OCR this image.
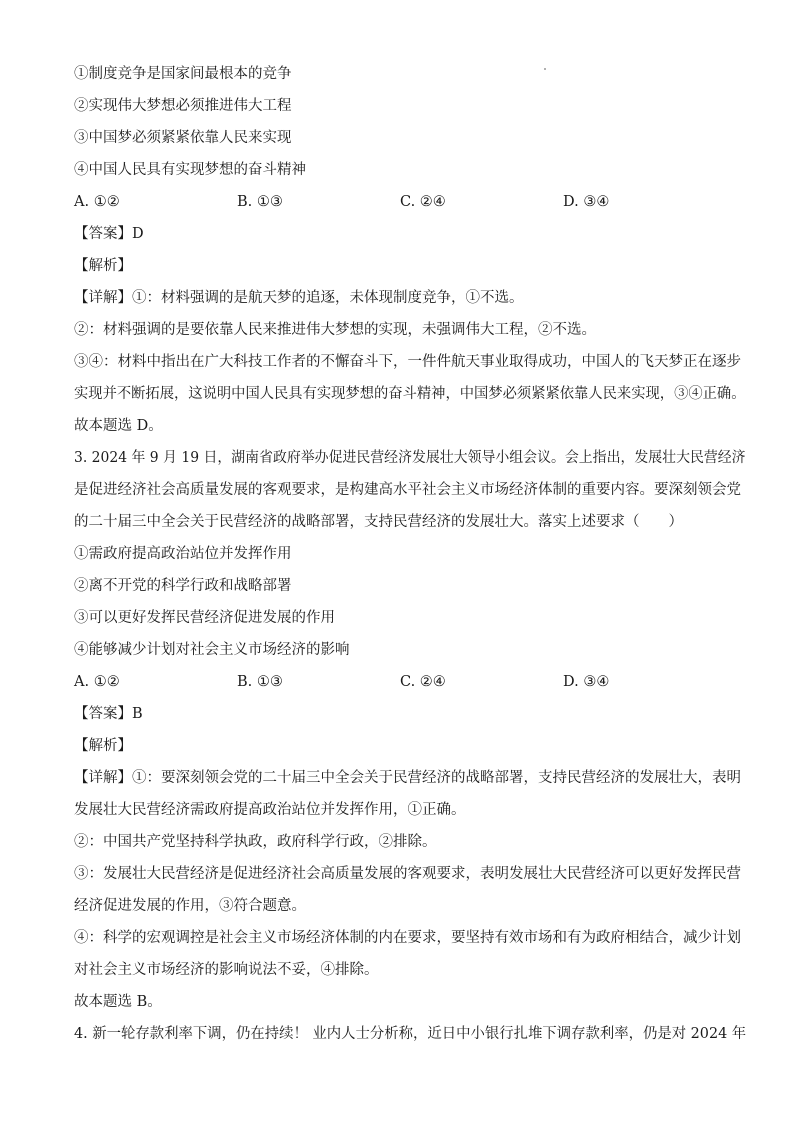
①制度竞争是国家间最根本的竞争
②实现伟大梦想必须推进伟大工程
③中国梦必须紧紧依靠人民来实现
④中国人民具有实现梦想的奋斗精神
A. ①②	B. ①③	C. ②④	D. ③④
【答案】D
【解析】
【详解】①：材料强调的是航天梦的追逐，未体现制度竞争，①不选。
②：材料强调的是要依靠人民来推进伟大梦想的实现，未强调伟大工程，②不选。
③④：材料中指出在广大科技工作者的不懈奋斗下，一件件航天事业取得成功，中国人的飞天梦正在逐步
实现并不断拓展，这说明中国人民具有实现梦想的奋斗精神，中国梦必须紧紧依靠人民来实现，③④正确。
故本题选 D。
3. 2024 年 9 月 19 日，湖南省政府举办促进民营经济发展壮大领导小组会议。会上指出，发展壮大民营经济
是促进经济社会高质量发展的客观要求，是构建高水平社会主义市场经济体制的重要内容。要深刻领会党
的二十届三中全会关于民营经济的战略部署，支持民营经济的发展壮大。落实上述要求（　　）
①需政府提高政治站位并发挥作用
②离不开党的科学行政和战略部署
③可以更好发挥民营经济促进发展的作用
④能够减少计划对社会主义市场经济的影响
A. ①②	B. ①③	C. ②④	D. ③④
【答案】B
【解析】
【详解】①：要深刻领会党的二十届三中全会关于民营经济的战略部署，支持民营经济的发展壮大，表明
发展壮大民营经济需政府提高政治站位并发挥作用，①正确。
②：中国共产党坚持科学执政，政府科学行政，②排除。
③：发展壮大民营经济是促进经济社会高质量发展的客观要求，表明发展壮大民营经济可以更好发挥民营
经济促进发展的作用，③符合题意。
④：科学的宏观调控是社会主义市场经济体制的内在要求，要坚持有效市场和有为政府相结合，减少计划
对社会主义市场经济的影响说法不妥，④排除。
故本题选 B。
4. 新一轮存款利率下调，仍在持续！ 业内人士分析称，近日中小银行扎堆下调存款利率，仍是对 2024 年
